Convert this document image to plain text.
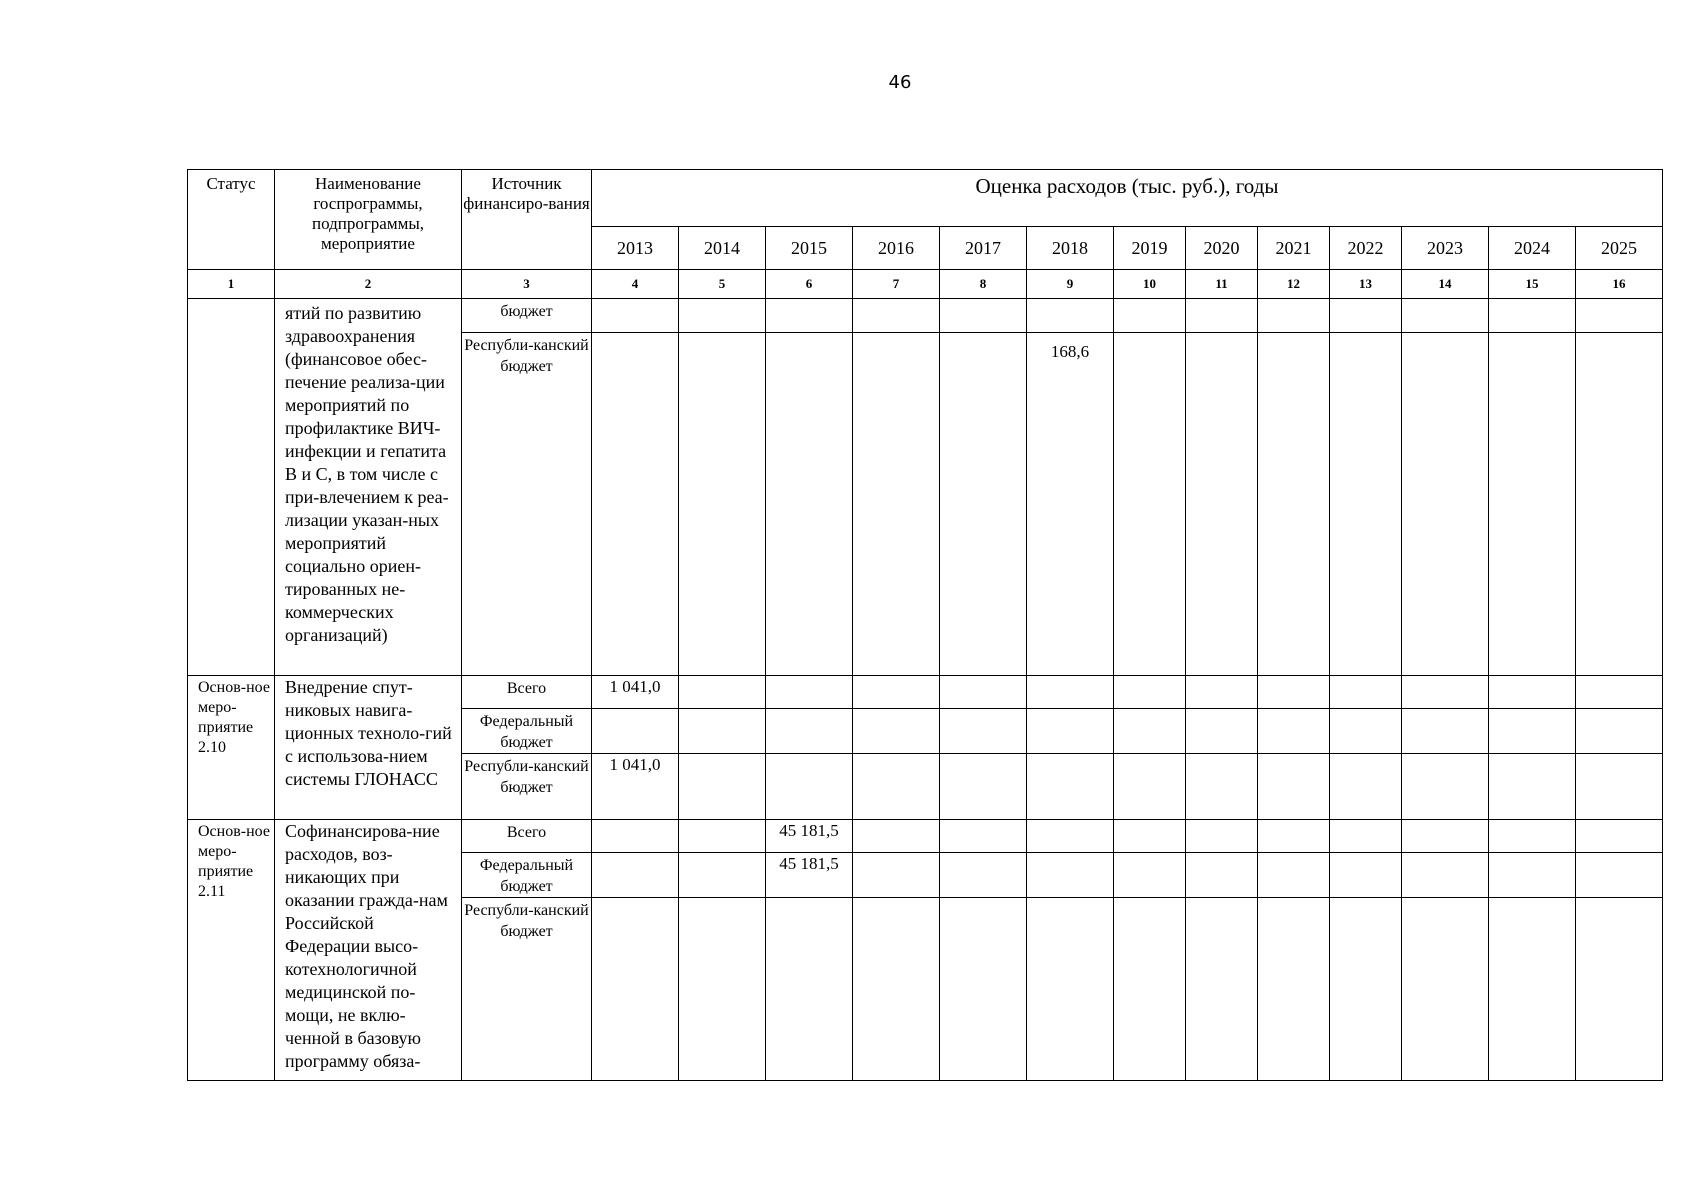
46
Статус	Наименование госпрограммы, подпрограммы, мероприятие	Источник финансиро-вания	Оценка расходов (тыс. руб.), годы												
			2013	2014	2015	2016	2017	2018	2019	2020	2021	2022	2023	2024	2025
1	2	3	4	5	6	7	8	9	10	11	12	13	14	15	16
	ятий по развитию здравоохранения (финансовое обес-печение реализа-ции мероприятий по профилактике ВИЧ-инфекции и гепатита В и С, в том числе с при-влечением к реа-лизации указан-ных мероприятий социально ориен-тированных не-коммерческих организаций)	бюджет													
		Республи-канский бюджет						168,6							
Основ-ное меро-приятие 2.10	Внедрение спут-никовых навига-ционных техноло-гий с использова-нием системы ГЛОНАСС	Всего	1 041,0												
		Федеральный бюджет													
		Республи-канский бюджет	1 041,0												
Основ-ное меро-приятие 2.11	Софинансирова-ние расходов, воз-никающих при оказании гражда-нам Российской Федерации высо-котехнологичной медицинской по-мощи, не вклю-ченной в базовую программу обяза-	Всего			45 181,5										
		Федеральный бюджет			45 181,5										
		Республи-канский бюджет													
